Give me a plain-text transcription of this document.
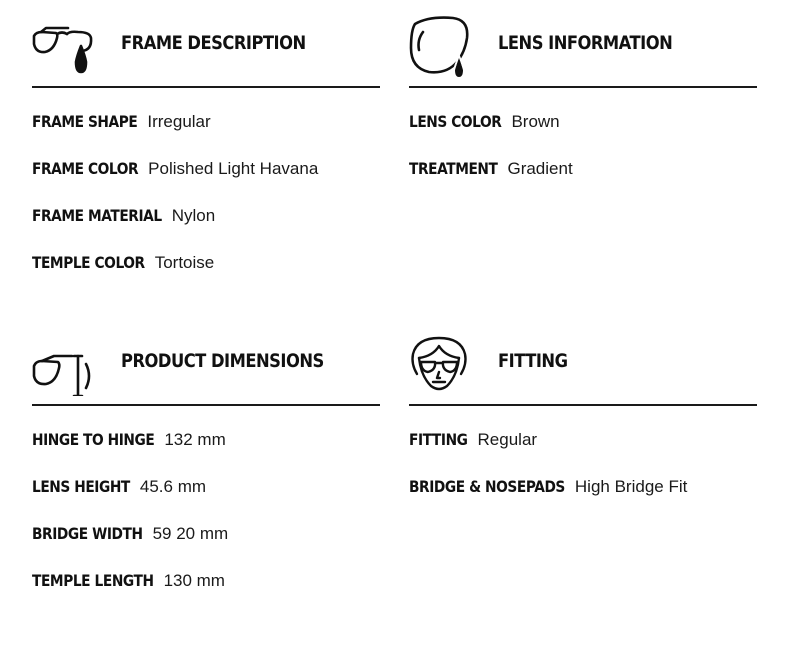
FRAME DESCRIPTION
FRAME SHAPE Irregular
FRAME COLOR Polished Light Havana
FRAME MATERIAL Nylon
TEMPLE COLOR Tortoise
LENS INFORMATION
LENS COLOR Brown
TREATMENT Gradient
PRODUCT DIMENSIONS
HINGE TO HINGE 132 mm
LENS HEIGHT 45.6 mm
BRIDGE WIDTH 59 20 mm
TEMPLE LENGTH 130 mm
FITTING
FITTING Regular
BRIDGE & NOSEPADS High Bridge Fit
